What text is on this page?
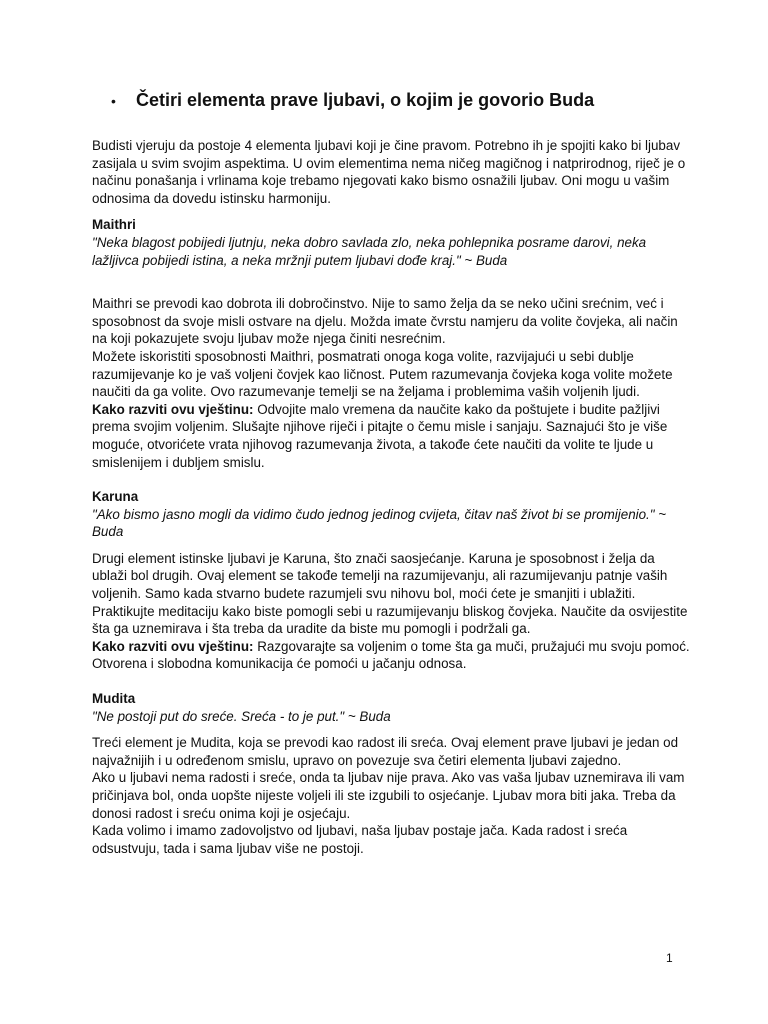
•	Četiri elementa prave ljubavi, o kojim je govorio Buda

Budisti vjeruju da postoje 4 elementa ljubavi koji je čine pravom. Potrebno ih je spojiti kako bi ljubav zasijala u svim svojim aspektima. U ovim elementima nema ničeg magičnog i natprirodnog, riječ je o načinu ponašanja i vrlinama koje trebamo njegovati kako bismo osnažili ljubav. Oni mogu u vašim odnosima da dovedu istinsku harmoniju.

Maithri

"Neka blagost pobijedi ljutnju, neka dobro savlada zlo, neka pohlepnika posrame darovi, neka lažljivca pobijedi istina, a neka mržnji putem ljubavi dođe kraj." ~ Buda

Maithri se prevodi kao dobrota ili dobročinstvo. Nije to samo želja da se neko učini srećnim, već i sposobnost da svoje misli ostvare na djelu. Možda imate čvrstu namjeru da volite čovjeka, ali način na koji pokazujete svoju ljubav može njega činiti nesrećnim.

Možete iskoristiti sposobnosti Maithri, posmatrati onoga koga volite, razvijajući u sebi dublje razumijevanje ko je vaš voljeni čovjek kao ličnost. Putem razumevanja čovjeka koga volite možete naučiti da ga volite. Ovo razumevanje temelji se na željama i problemima vaših voljenih ljudi.

Kako razviti ovu vještinu: Odvojite malo vremena da naučite kako da poštujete i budite pažljivi prema svojim voljenim. Slušajte njihove riječi i pitajte o čemu misle i sanjaju. Saznajući što je više moguće, otvorićete vrata njihovog razumevanja života, a takođe ćete naučiti da volite te ljude u smislenijem i dubljem smislu.

Karuna

"Ako bismo jasno mogli da vidimo čudo jednog jedinog cvijeta, čitav naš život bi se promijenio." ~ Buda

Drugi element istinske ljubavi je Karuna, što znači saosjećanje. Karuna je sposobnost i želja da ublaži bol drugih. Ovaj element se takođe temelji na razumijevanju, ali razumijevanju patnje vaših voljenih. Samo kada stvarno budete razumjeli svu nihovu bol, moći ćete je smanjiti i ublažiti.

Praktikujte meditaciju kako biste pomogli sebi u razumijevanju bliskog čovjeka. Naučite da osvijestite šta ga uznemirava i šta treba da uradite da biste mu pomogli i podržali ga.

Kako razviti ovu vještinu: Razgovarajte sa voljenim o tome šta ga muči, pružajući mu svoju pomoć. Otvorena i slobodna komunikacija će pomoći u jačanju odnosa.

Mudita

"Ne postoji put do sreće. Sreća - to je put." ~ Buda

Treći element je Mudita, koja se prevodi kao radost ili sreća. Ovaj element prave ljubavi je jedan od najvažnijih i u određenom smislu, upravo on povezuje sva četiri elementa ljubavi zajedno.

Ako u ljubavi nema radosti i sreće, onda ta ljubav nije prava. Ako vas vaša ljubav uznemirava ili vam pričinjava bol, onda uopšte nijeste voljeli ili ste izgubili to osjećanje. Ljubav mora biti jaka. Treba da donosi radost i sreću onima koji je osjećaju.

Kada volimo i imamo zadovoljstvo od ljubavi, naša ljubav postaje jača. Kada radost i sreća odsustvuju, tada i sama ljubav više ne postoji.

1
